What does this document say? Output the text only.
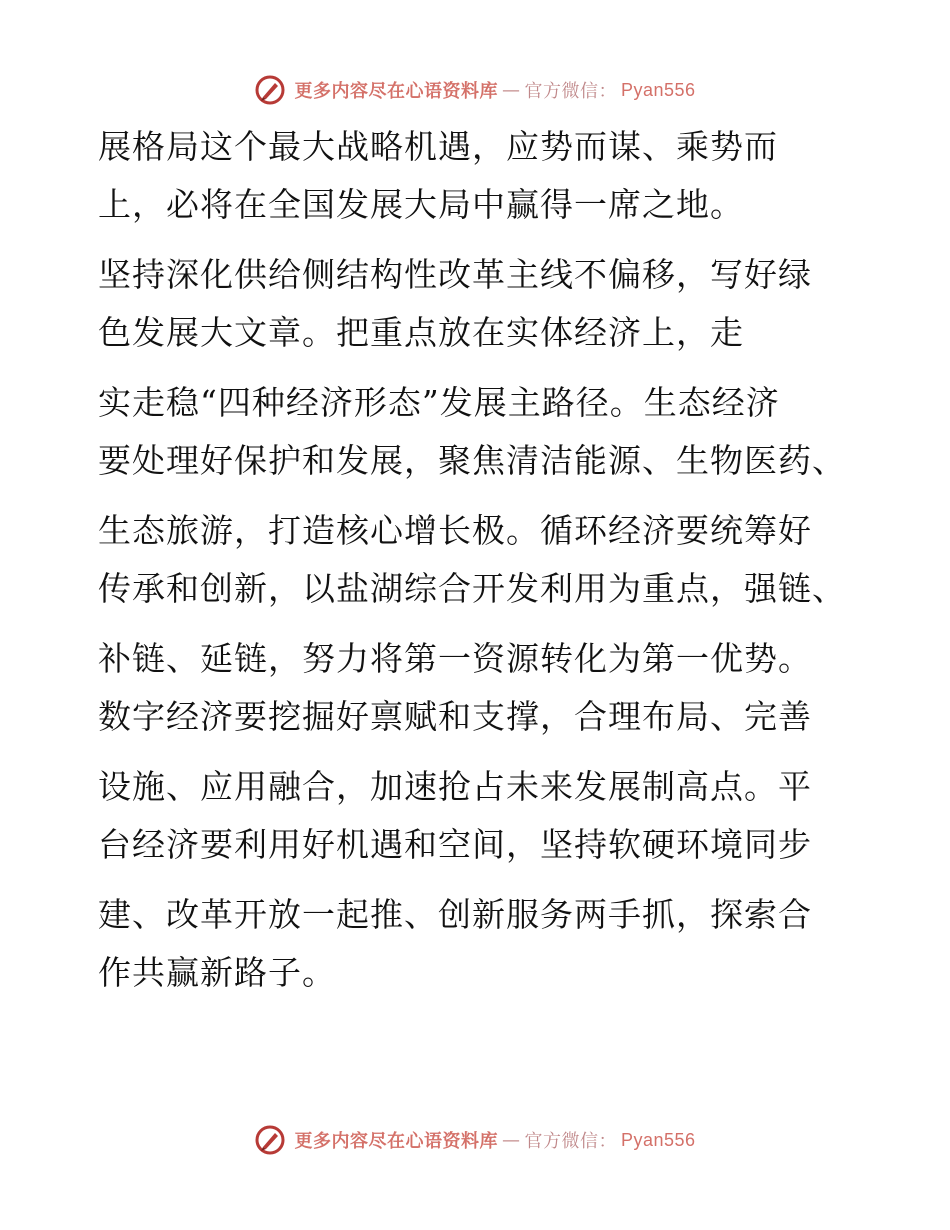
更多内容尽在心语资料库 — 官方微信： Pyan556
展格局这个最大战略机遇，应势而谋、乘势而
上，必将在全国发展大局中赢得一席之地。
坚持深化供给侧结构性改革主线不偏移，写好绿
色发展大文章。把重点放在实体经济上，走
实走稳“四种经济形态”发展主路径。生态经济
要处理好保护和发展，聚焦清洁能源、生物医药、
生态旅游，打造核心增长极。循环经济要统筹好
传承和创新，以盐湖综合开发利用为重点，强链、
补链、延链，努力将第一资源转化为第一优势。
数字经济要挖掘好禀赋和支撑，合理布局、完善
设施、应用融合，加速抢占未来发展制高点。平
台经济要利用好机遇和空间，坚持软硬环境同步
建、改革开放一起推、创新服务两手抓，探索合
作共赢新路子。
更多内容尽在心语资料库 — 官方微信： Pyan556
